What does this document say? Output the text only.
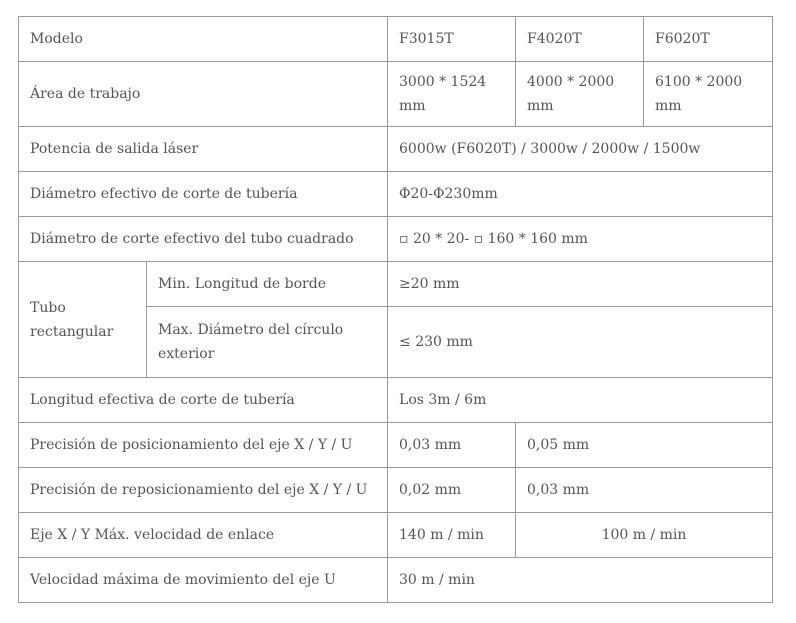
Modelo		F3015T	F4020T	F6020T
Área de trabajo		3000 * 1524 mm	4000 * 2000 mm	6100 * 2000 mm
Potencia de salida láser		6000w (F6020T) / 3000w / 2000w / 1500w		
Diámetro efectivo de corte de tubería		Φ20-Φ230mm		
Diámetro de corte efectivo del tubo cuadrado		▫ 20 * 20- ▫ 160 * 160 mm		
Tubo rectangular	Min. Longitud de borde	≥20 mm		
	Max. Diámetro del círculo exterior	≤ 230 mm		
Longitud efectiva de corte de tubería		Los 3m / 6m		
Precisión de posicionamiento del eje X / Y / U		0,03 mm	0,05 mm	
Precisión de reposicionamiento del eje X / Y / U		0,02 mm	0,03 mm	
Eje X / Y Máx. velocidad de enlace		140 m / min	100 m / min	
Velocidad máxima de movimiento del eje U		30 m / min		
